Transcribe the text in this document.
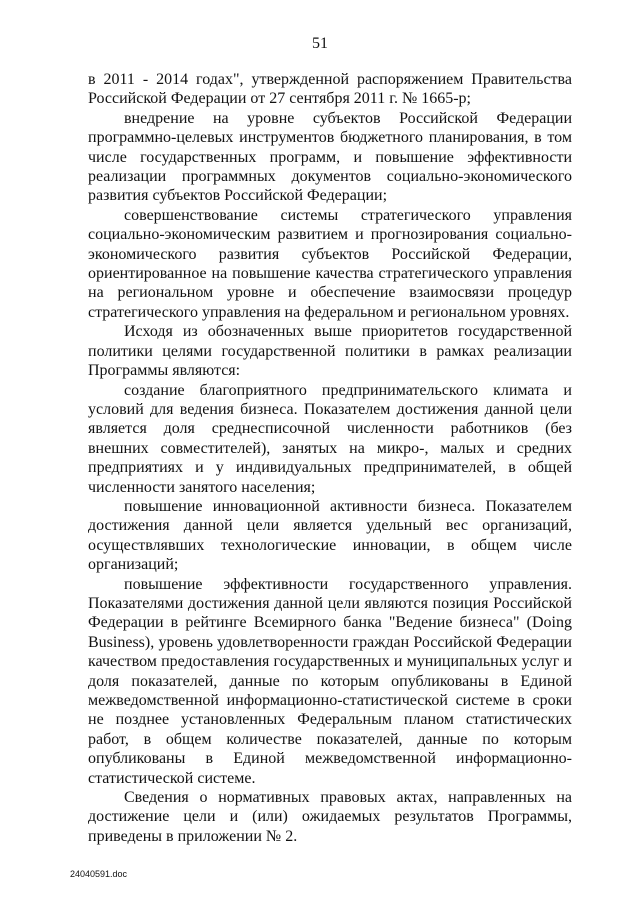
51

в 2011 - 2014 годах", утвержденной распоряжением Правительства Российской Федерации от 27 сентября 2011 г. № 1665-р;

внедрение на уровне субъектов Российской Федерации программно-целевых инструментов бюджетного планирования, в том числе государственных программ, и повышение эффективности реализации программных документов социально-экономического развития субъектов Российской Федерации;

совершенствование системы стратегического управления социально-экономическим развитием и прогнозирования социально-экономического развития субъектов Российской Федерации, ориентированное на повышение качества стратегического управления на региональном уровне и обеспечение взаимосвязи процедур стратегического управления на федеральном и региональном уровнях.

Исходя из обозначенных выше приоритетов государственной политики целями государственной политики в рамках реализации Программы являются:

создание благоприятного предпринимательского климата и условий для ведения бизнеса. Показателем достижения данной цели является доля среднесписочной численности работников (без внешних совместителей), занятых на микро-, малых и средних предприятиях и у индивидуальных предпринимателей, в общей численности занятого населения;

повышение инновационной активности бизнеса. Показателем достижения данной цели является удельный вес организаций, осуществлявших технологические инновации, в общем числе организаций;

повышение эффективности государственного управления. Показателями достижения данной цели являются позиция Российской Федерации в рейтинге Всемирного банка "Ведение бизнеса" (Doing Business), уровень удовлетворенности граждан Российской Федерации качеством предоставления государственных и муниципальных услуг и доля показателей, данные по которым опубликованы в Единой межведомственной информационно-статистической системе в сроки не позднее установленных Федеральным планом статистических работ, в общем количестве показателей, данные по которым опубликованы в Единой межведомственной информационно-статистической системе.

Сведения о нормативных правовых актах, направленных на достижение цели и (или) ожидаемых результатов Программы, приведены в приложении № 2.

24040591.doc
